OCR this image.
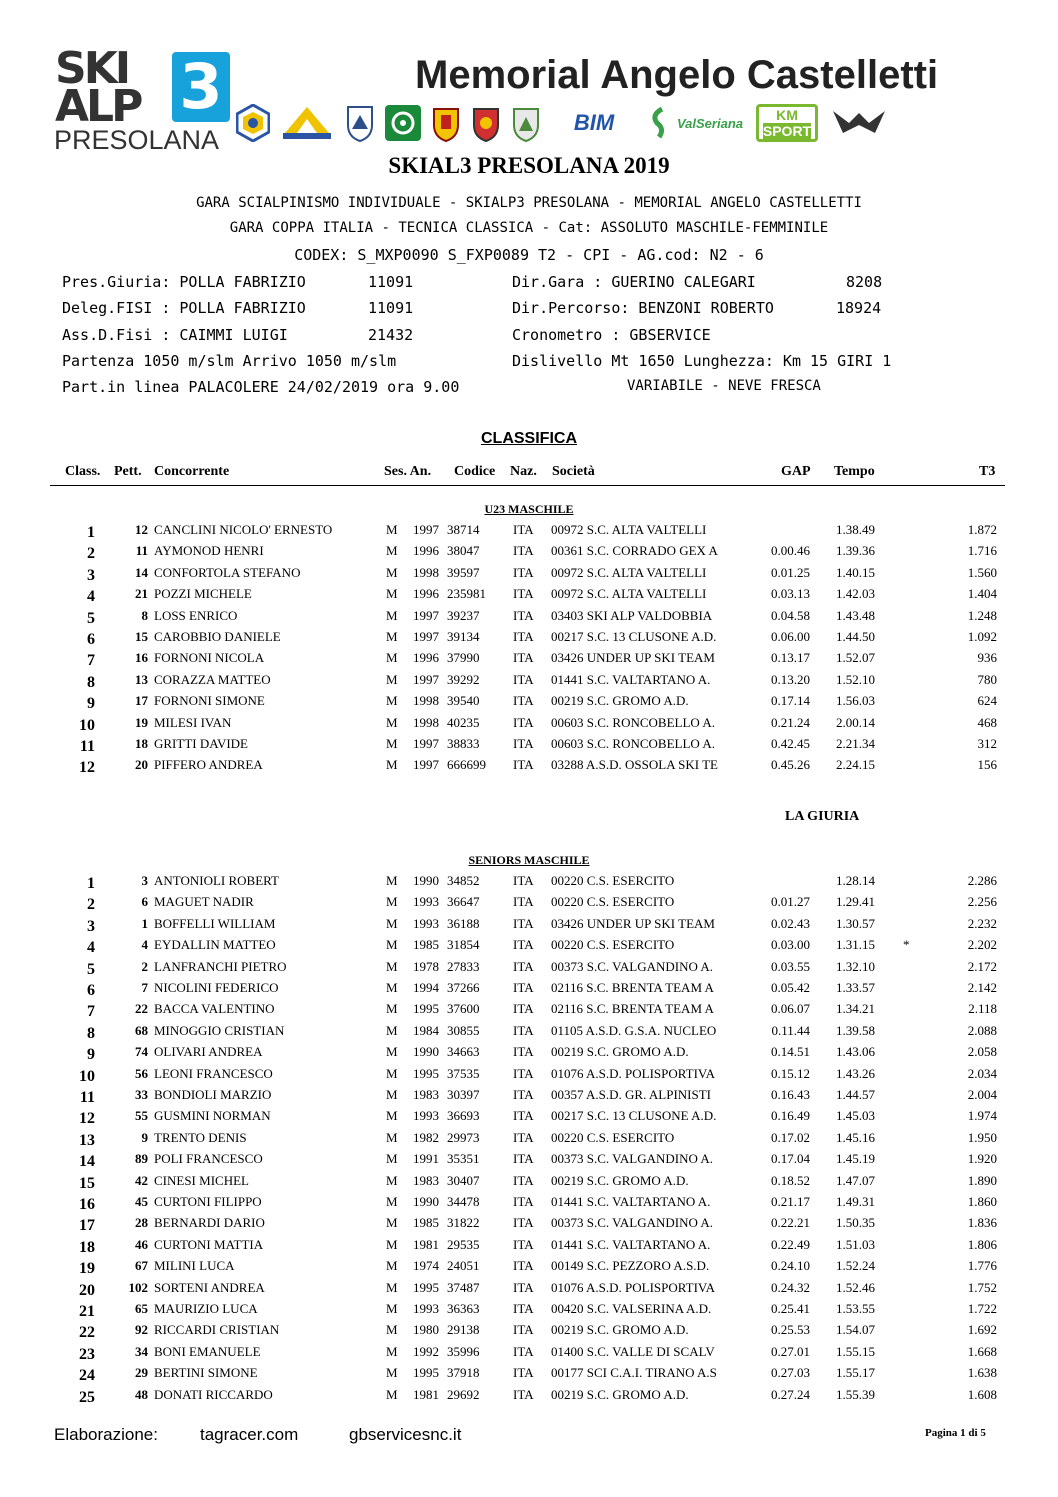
SKI
ALP 3
PRESOLANA
Memorial Angelo Castelletti
BIM	ValSeriana	KM
SPORT
SKIAL3 PRESOLANA 2019
GARA SCIALPINISMO INDIVIDUALE - SKIALP3 PRESOLANA - MEMORIAL ANGELO CASTELLETTI
GARA COPPA ITALIA - TECNICA CLASSICA - Cat: ASSOLUTO MASCHILE-FEMMINILE
CODEX: S_MXP0090 S_FXP0089 T2 - CPI - AG.cod: N2 - 6
Pres.Giuria: POLLA FABRIZIO	11091	Dir.Gara : GUERINO CALEGARI	8208
Deleg.FISI : POLLA FABRIZIO	11091	Dir.Percorso: BENZONI ROBERTO	18924
Ass.D.Fisi : CAIMMI LUIGI	21432	Cronometro : GBSERVICE
Partenza 1050 m/slm Arrivo 1050 m/slm	Dislivello Mt 1650 Lunghezza: Km 15 GIRI 1
Part.in linea PALACOLERE 24/02/2019 ora 9.00	VARIABILE - NEVE FRESCA
CLASSIFICA
Class. Pett. Concorrente	Ses. An. Codice Naz. Società	GAP Tempo	T3
U23 MASCHILE
1	12 CANCLINI NICOLO' ERNESTO	M 1997 38714	ITA 00972 S.C. ALTA VALTELLI	1.38.49	1.872
2	11 AYMONOD HENRI	M 1996 38047	ITA 00361 S.C. CORRADO GEX A	0.00.46 1.39.36	1.716
3	14 CONFORTOLA STEFANO	M 1998 39597	ITA 00972 S.C. ALTA VALTELLI	0.01.25 1.40.15	1.560
4	21 POZZI MICHELE	M 1996 235981 ITA 00972 S.C. ALTA VALTELLI	0.03.13 1.42.03	1.404
5	8 LOSS ENRICO	M 1997 39237	ITA 03403 SKI ALP VALDOBBIA	0.04.58 1.43.48	1.248
6	15 CAROBBIO DANIELE	M 1997 39134	ITA 00217 S.C. 13 CLUSONE A.D.	0.06.00 1.44.50	1.092
7	16 FORNONI NICOLA	M 1996 37990	ITA 03426 UNDER UP SKI TEAM	0.13.17 1.52.07	936
8	13 CORAZZA MATTEO	M 1997 39292	ITA 01441 S.C. VALTARTANO A.	0.13.20 1.52.10	780
9	17 FORNONI SIMONE	M 1998 39540	ITA 00219 S.C. GROMO A.D.	0.17.14 1.56.03	624
10	19 MILESI IVAN	M 1998 40235	ITA 00603 S.C. RONCOBELLO A.	0.21.24 2.00.14	468
11	18 GRITTI DAVIDE	M 1997 38833	ITA 00603 S.C. RONCOBELLO A.	0.42.45 2.21.34	312
12	20 PIFFERO ANDREA	M 1997 666699 ITA 03288 A.S.D. OSSOLA SKI TE	0.45.26 2.24.15	156
LA GIURIA
SENIORS MASCHILE
1	3 ANTONIOLI ROBERT	M 1990 34852	ITA 00220 C.S. ESERCITO	1.28.14	2.286
2	6 MAGUET NADIR	M 1993 36647	ITA 00220 C.S. ESERCITO	0.01.27 1.29.41	2.256
3	1 BOFFELLI WILLIAM	M 1993 36188	ITA 03426 UNDER UP SKI TEAM	0.02.43 1.30.57	2.232
4	4 EYDALLIN MATTEO	M 1985 31854	ITA 00220 C.S. ESERCITO	0.03.00 1.31.15 *	2.202
5	2 LANFRANCHI PIETRO	M 1978 27833	ITA 00373 S.C. VALGANDINO A.	0.03.55 1.32.10	2.172
6	7 NICOLINI FEDERICO	M 1994 37266	ITA 02116 S.C. BRENTA TEAM A	0.05.42 1.33.57	2.142
7	22 BACCA VALENTINO	M 1995 37600	ITA 02116 S.C. BRENTA TEAM A	0.06.07 1.34.21	2.118
8	68 MINOGGIO CRISTIAN	M 1984 30855	ITA 01105 A.S.D. G.S.A. NUCLEO	0.11.44 1.39.58	2.088
9	74 OLIVARI ANDREA	M 1990 34663	ITA 00219 S.C. GROMO A.D.	0.14.51 1.43.06	2.058
10	56 LEONI FRANCESCO	M 1995 37535	ITA 01076 A.S.D. POLISPORTIVA	0.15.12 1.43.26	2.034
11	33 BONDIOLI MARZIO	M 1983 30397	ITA 00357 A.S.D. GR. ALPINISTI	0.16.43 1.44.57	2.004
12	55 GUSMINI NORMAN	M 1993 36693	ITA 00217 S.C. 13 CLUSONE A.D.	0.16.49 1.45.03	1.974
13	9 TRENTO DENIS	M 1982 29973	ITA 00220 C.S. ESERCITO	0.17.02 1.45.16	1.950
14	89 POLI FRANCESCO	M 1991 35351	ITA 00373 S.C. VALGANDINO A.	0.17.04 1.45.19	1.920
15	42 CINESI MICHEL	M 1983 30407	ITA 00219 S.C. GROMO A.D.	0.18.52 1.47.07	1.890
16	45 CURTONI FILIPPO	M 1990 34478	ITA 01441 S.C. VALTARTANO A.	0.21.17 1.49.31	1.860
17	28 BERNARDI DARIO	M 1985 31822	ITA 00373 S.C. VALGANDINO A.	0.22.21 1.50.35	1.836
18	46 CURTONI MATTIA	M 1981 29535	ITA 01441 S.C. VALTARTANO A.	0.22.49 1.51.03	1.806
19	67 MILINI LUCA	M 1974 24051	ITA 00149 S.C. PEZZORO A.S.D.	0.24.10 1.52.24	1.776
20	102 SORTENI ANDREA	M 1995 37487	ITA 01076 A.S.D. POLISPORTIVA	0.24.32 1.52.46	1.752
21	65 MAURIZIO LUCA	M 1993 36363	ITA 00420 S.C. VALSERINA A.D.	0.25.41 1.53.55	1.722
22	92 RICCARDI CRISTIAN	M 1980 29138	ITA 00219 S.C. GROMO A.D.	0.25.53 1.54.07	1.692
23	34 BONI EMANUELE	M 1992 35996	ITA 01400 S.C. VALLE DI SCALV	0.27.01 1.55.15	1.668
24	29 BERTINI SIMONE	M 1995 37918	ITA 00177 SCI C.A.I. TIRANO A.S	0.27.03 1.55.17	1.638
25	48 DONATI RICCARDO	M 1981 29692	ITA 00219 S.C. GROMO A.D.	0.27.24 1.55.39	1.608
Elaborazione: tagracer.com	gbservicesnc.it	Pagina 1 di 5
